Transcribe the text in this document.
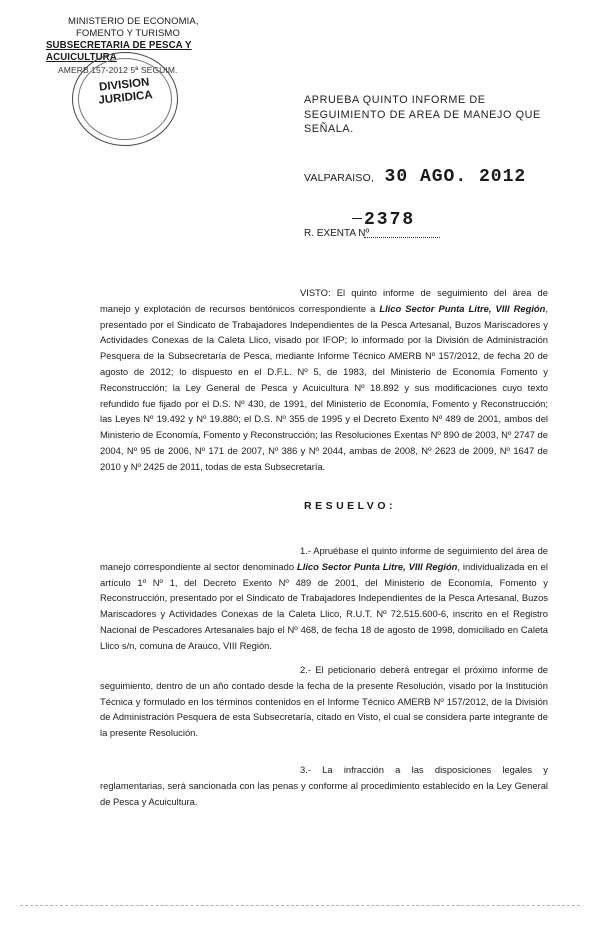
MINISTERIO DE ECONOMIA,
FOMENTO Y TURISMO
SUBSECRETARIA DE PESCA Y ACUICULTURA
AMERB 157-2012 5ª SEGUIM.
DIVISION
JURIDICA	APRUEBA QUINTO INFORME DE SEGUIMIENTO DE AREA DE MANEJO QUE SEÑALA.
VALPARAISO, 30 AGO. 2012
2378
R. EXENTA Nº

VISTO: El quinto informe de seguimiento del área de manejo y explotación de recursos bentónicos correspondiente a Llico Sector Punta Litre, VIII Región, presentado por el Sindicato de Trabajadores Independientes de la Pesca Artesanal, Buzos Mariscadores y Actividades Conexas de la Caleta Llico, visado por IFOP; lo informado por la División de Administración Pesquera de la Subsecretaría de Pesca, mediante Informe Técnico AMERB Nº 157/2012, de fecha 20 de agosto de 2012; lo dispuesto en el D.F.L. Nº 5, de 1983, del Ministerio de Economía Fomento y Reconstrucción; la Ley General de Pesca y Acuicultura Nº 18.892 y sus modificaciones cuyo texto refundido fue fijado por el D.S. Nº 430, de 1991, del Ministerio de Economía, Fomento y Reconstrucción; las Leyes Nº 19.492 y Nº 19.880; el D.S. Nº 355 de 1995 y el Decreto Exento Nº 489 de 2001, ambos del Ministerio de Economía, Fomento y Reconstrucción; las Resoluciones Exentas Nº 890 de 2003, Nº 2747 de 2004, Nº 95 de 2006, Nº 171 de 2007, Nº 386 y Nº 2044, ambas de 2008, Nº 2623 de 2009, Nº 1647 de 2010 y Nº 2425 de 2011, todas de esta Subsecretaría.

RESUELVO:

1.- Apruébase el quinto informe de seguimiento del área de manejo correspondiente al sector denominado Llico Sector Punta Litre, VIII Región, individualizada en el artículo 1º Nº 1, del Decreto Exento Nº 489 de 2001, del Ministerio de Economía, Fomento y Reconstrucción, presentado por el Sindicato de Trabajadores Independientes de la Pesca Artesanal, Buzos Mariscadores y Actividades Conexas de la Caleta Llico, R.U.T. Nº 72.515.600-6, inscrito en el Registro Nacional de Pescadores Artesanales bajo el Nº 468, de fecha 18 de agosto de 1998, domiciliado en Caleta Llico s/n, comuna de Arauco, VIII Región.

2.- El peticionario deberá entregar el próximo informe de seguimiento, dentro de un año contado desde la fecha de la presente Resolución, visado por la Institución Técnica y formulado en los términos contenidos en el Informe Técnico AMERB Nº 157/2012, de la División de Administración Pesquera de esta Subsecretaría, citado en Visto, el cual se considera parte integrante de la presente Resolución.

3.- La infracción a las disposiciones legales y reglamentarias, será sancionada con las penas y conforme al procedimiento establecido en la Ley General de Pesca y Acuicultura.
